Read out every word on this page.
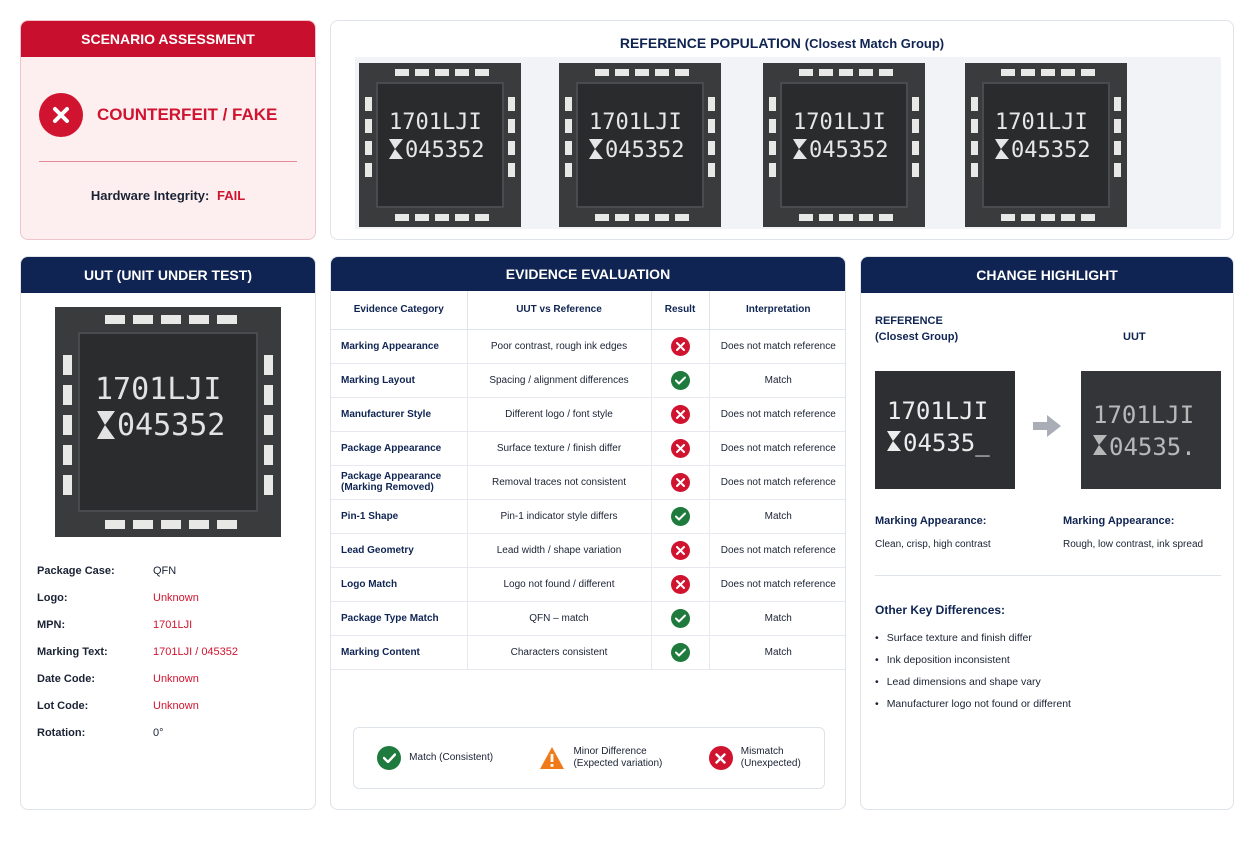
SCENARIO ASSESSMENT
COUNTERFEIT / FAKE
Hardware Integrity: FAIL
REFERENCE POPULATION (Closest Match Group)
1701LJI
045352
1701LJI
045352
1701LJI
045352
1701LJI
045352
UUT (UNIT UNDER TEST)
1701LJI
045352
Package Case:	QFN
Logo:	Unknown
MPN:	1701LJI
Marking Text:	1701LJI / 045352
Date Code:	Unknown
Lot Code:	Unknown
Rotation:	0°
EVIDENCE EVALUATION
Evidence Category	UUT vs Reference	Result	Interpretation
Marking Appearance	Poor contrast, rough ink edges		Does not match reference
Marking Layout	Spacing / alignment differences		Match
Manufacturer Style	Different logo / font style		Does not match reference
Package Appearance	Surface texture / finish differ		Does not match reference
Package Appearance (Marking Removed)	Removal traces not consistent		Does not match reference
Pin-1 Shape	Pin-1 indicator style differs		Match
Lead Geometry	Lead width / shape variation		Does not match reference
Logo Match	Logo not found / different		Does not match reference
Package Type Match	QFN – match		Match
Marking Content	Characters consistent		Match
Match (Consistent)
Minor Difference
(Expected variation)
Mismatch
(Unexpected)
CHANGE HIGHLIGHT
REFERENCE
(Closest Group)	UUT
1701LJI
04535_
1701LJI
04535.
Marking Appearance:
Clean, crisp, high contrast
Marking Appearance:
Rough, low contrast, ink spread
Other Key Differences:
• Surface texture and finish differ
• Ink deposition inconsistent
• Lead dimensions and shape vary
• Manufacturer logo not found or different
